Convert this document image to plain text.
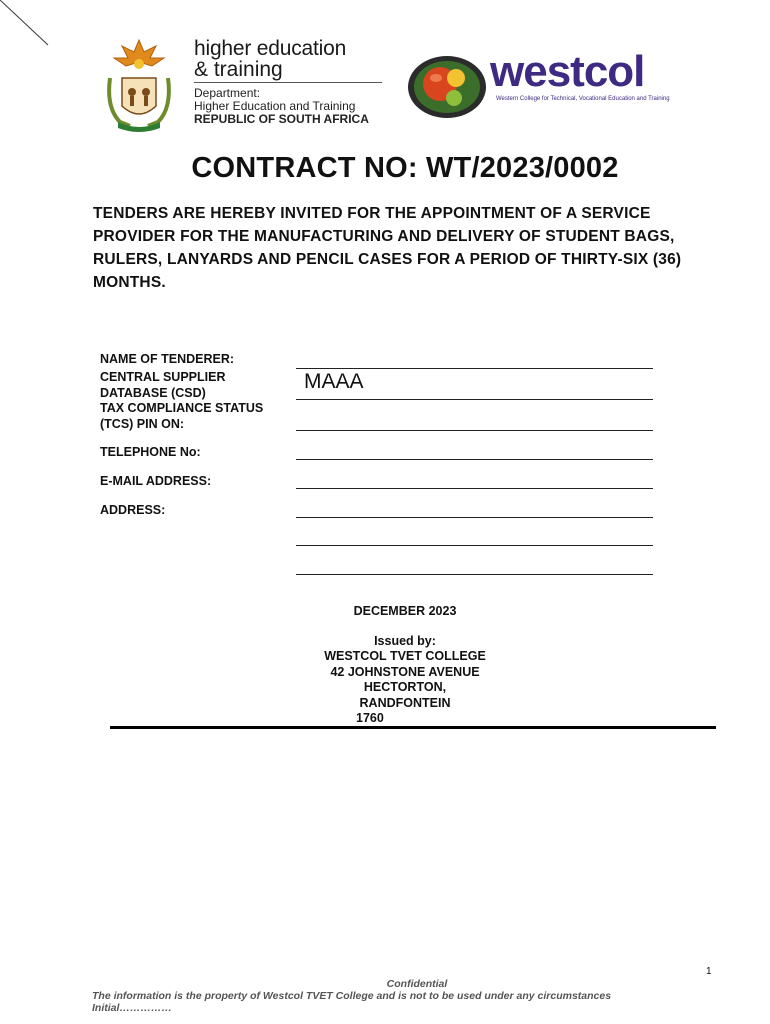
higher education
& training
Department:
Higher Education and Training
REPUBLIC OF SOUTH AFRICA
westcol
Western College for Technical, Vocational Education and Training
CONTRACT NO: WT/2023/0002
TENDERS ARE HEREBY INVITED FOR THE APPOINTMENT OF A SERVICE PROVIDER FOR THE MANUFACTURING AND DELIVERY OF STUDENT BAGS, RULERS, LANYARDS AND PENCIL CASES FOR A PERIOD OF THIRTY-SIX (36) MONTHS.
NAME OF TENDERER:
CENTRAL SUPPLIER
DATABASE (CSD)	MAAA
TAX COMPLIANCE STATUS
(TCS) PIN ON:
TELEPHONE No:
E-MAIL ADDRESS:
ADDRESS:
DECEMBER 2023
Issued by:
WESTCOL TVET COLLEGE
42 JOHNSTONE AVENUE
HECTORTON,
RANDFONTEIN
1760
1
Confidential
The information is the property of Westcol TVET College and is not to be used under any circumstances
Initial……………
